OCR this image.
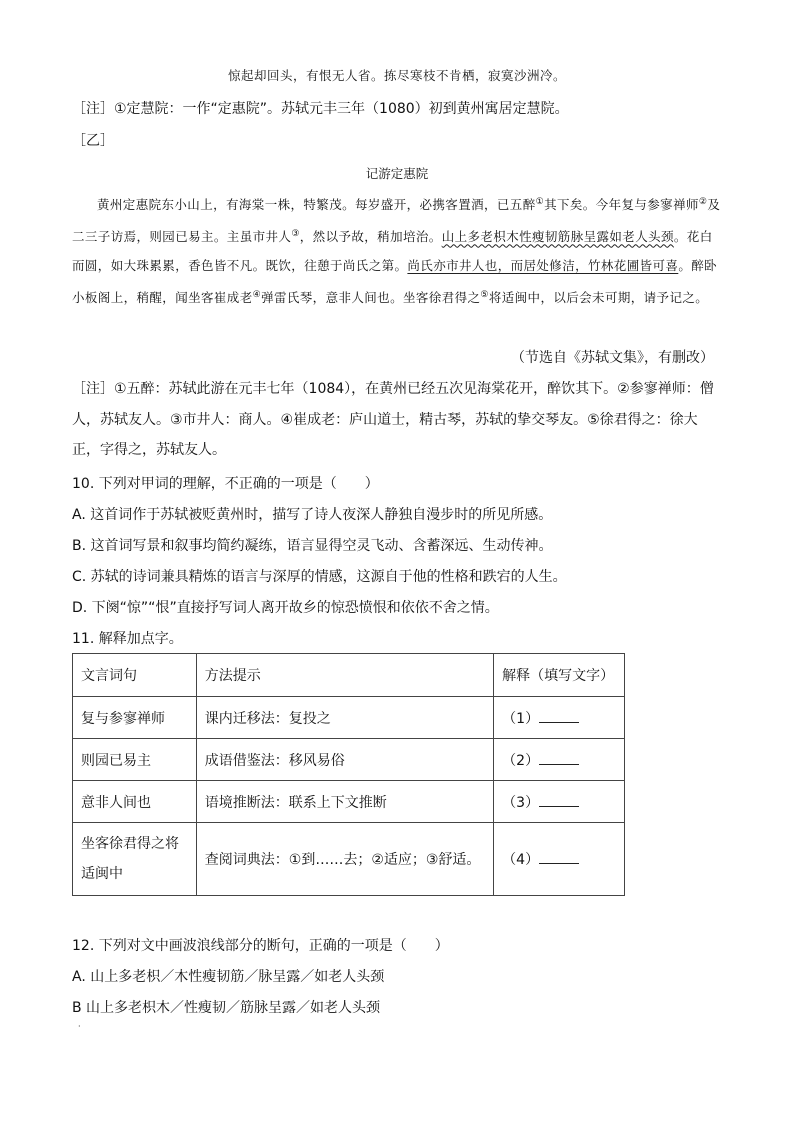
惊起却回头，有恨无人省。拣尽寒枝不肯栖，寂寞沙洲冷。
［注］①定慧院：一作“定惠院”。苏轼元丰三年（1080）初到黄州寓居定慧院。
［乙］
记游定惠院
黄州定惠院东小山上，有海棠一株，特繁茂。每岁盛开，必携客置酒，已五醉①其下矣。今年复与参寥禅师②及二三子访焉，则园已易主。主虽市井人③，然以予故，稍加培治。山上多老枳木性瘦韧筋脉呈露如老人头颈。花白而圆，如大珠累累，香色皆不凡。既饮，往憩于尚氏之第。尚氏亦市井人也，而居处修洁，竹林花圃皆可喜。醉卧小板阁上，稍醒，闻坐客崔成老④弹雷氏琴，意非人间也。坐客徐君得之⑤将适闽中，以后会未可期，请予记之。
（节选自《苏轼文集》，有删改）
［注］①五醉：苏轼此游在元丰七年（1084），在黄州已经五次见海棠花开，醉饮其下。②参寥禅师：僧人，苏轼友人。③市井人：商人。④崔成老：庐山道士，精古琴，苏轼的挚交琴友。⑤徐君得之：徐大正，字得之，苏轼友人。
10. 下列对甲词的理解，不正确的一项是（　　）
A. 这首词作于苏轼被贬黄州时，描写了诗人夜深人静独自漫步时的所见所感。
B. 这首词写景和叙事均简约凝练，语言显得空灵飞动、含蓄深远、生动传神。
C. 苏轼的诗词兼具精炼的语言与深厚的情感，这源自于他的性格和跌宕的人生。
D. 下阕“惊”“恨”直接抒写词人离开故乡的惊恐愤恨和依依不舍之情。
11. 解释加点字。
文言词句	方法提示	解释（填写文字）
复与参寥禅师	课内迁移法：复投之	（1）
则园已易主	成语借鉴法：移风易俗	（2）
意非人间也	语境推断法：联系上下文推断	（3）
坐客徐君得之将适闽中	查阅词典法：①到……去；②适应；③舒适。	（4）
12. 下列对文中画波浪线部分的断句，正确的一项是（　　）
A. 山上多老枳／木性瘦韧筋／脉呈露／如老人头颈
B 山上多老枳木／性瘦韧／筋脉呈露／如老人头颈
·
